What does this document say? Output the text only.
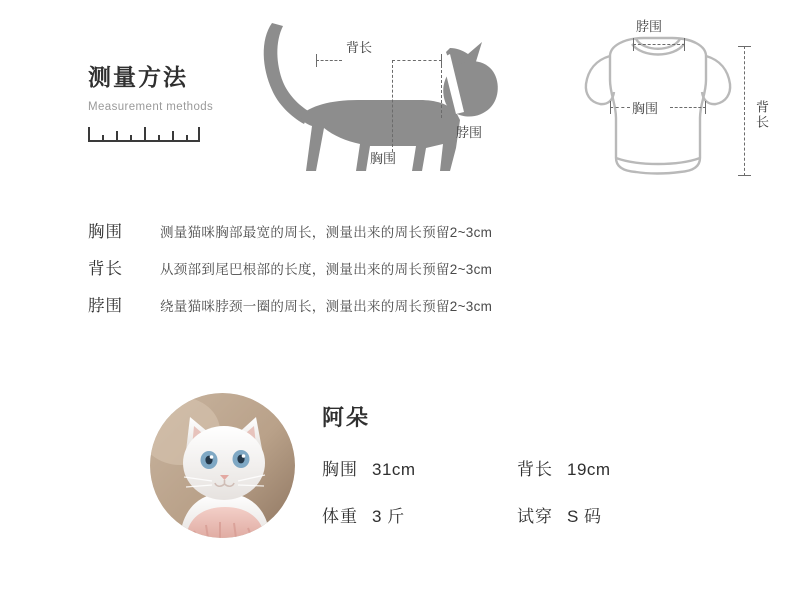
测量方法
Measurement methods
背长
胸围
脖围
脖围
胸围	背长
胸围	测量猫咪胸部最宽的周长，测量出来的周长预留2~3cm
背长	从颈部到尾巴根部的长度，测量出来的周长预留2~3cm
脖围	绕量猫咪脖颈一圈的周长，测量出来的周长预留2~3cm
阿朵
胸围 31cm	背长 19cm
体重 3 斤	试穿 S 码
